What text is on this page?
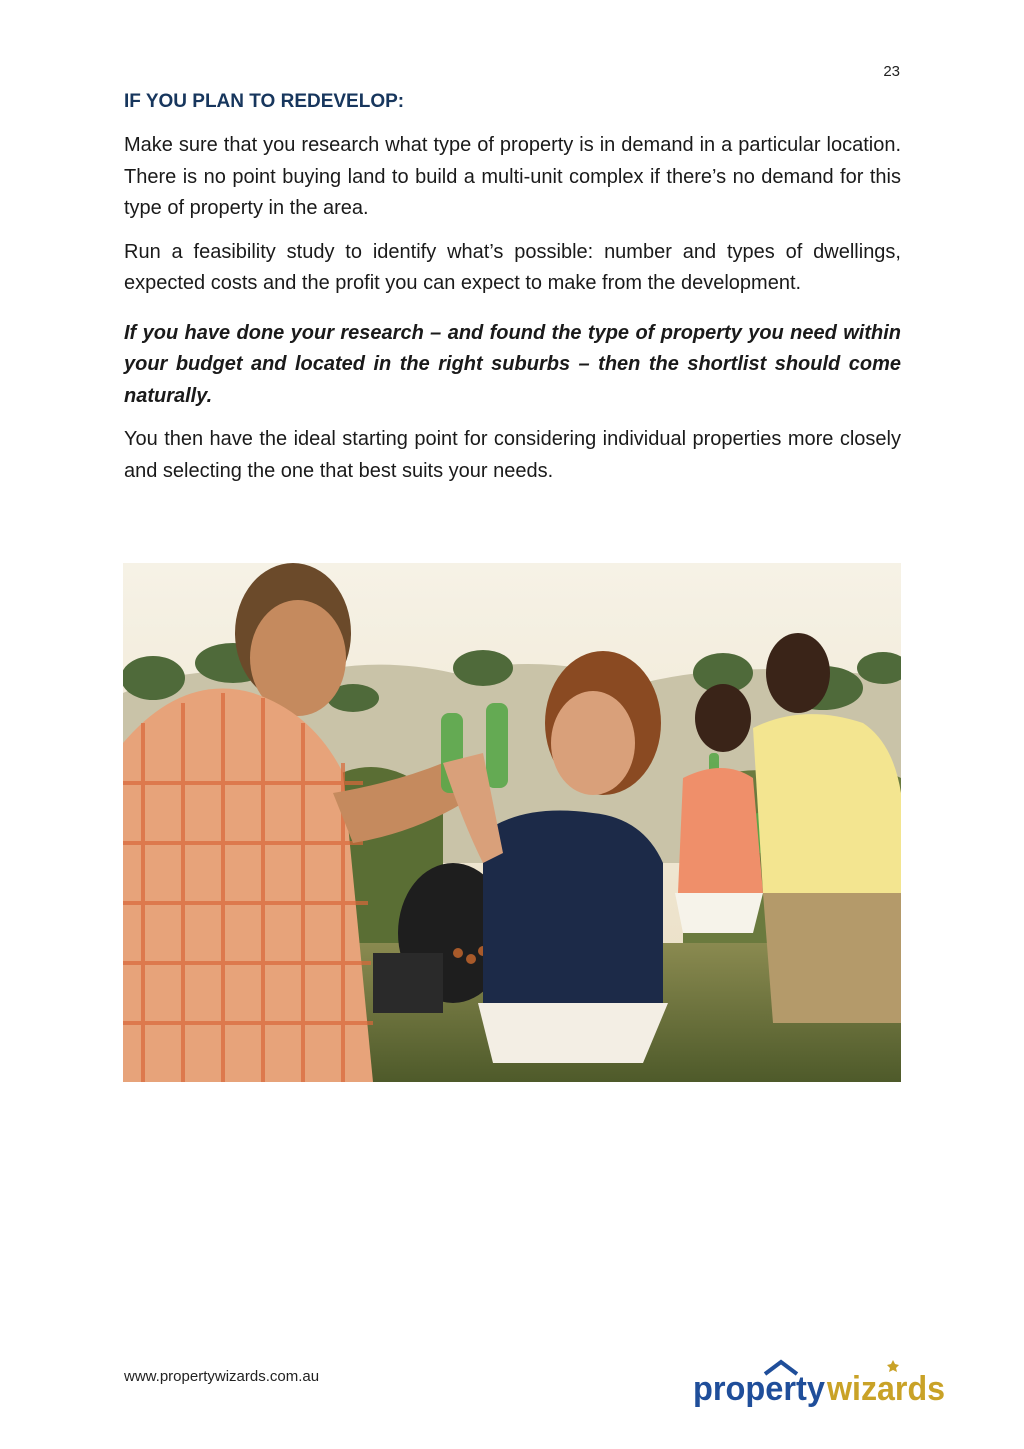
23
IF YOU PLAN TO REDEVELOP:

Make sure that you research what type of property is in demand in a particular location. There is no point buying land to build a multi-unit complex if there’s no demand for this type of property in the area.

Run a feasibility study to identify what’s possible: number and types of dwellings, expected costs and the profit you can expect to make from the development.

If you have done your research – and found the type of property you need within your budget and located in the right suburbs – then the shortlist should come naturally.

You then have the ideal starting point for considering individual properties more closely and selecting the one that best suits your needs.

www.propertywizards.com.au	property wizards
